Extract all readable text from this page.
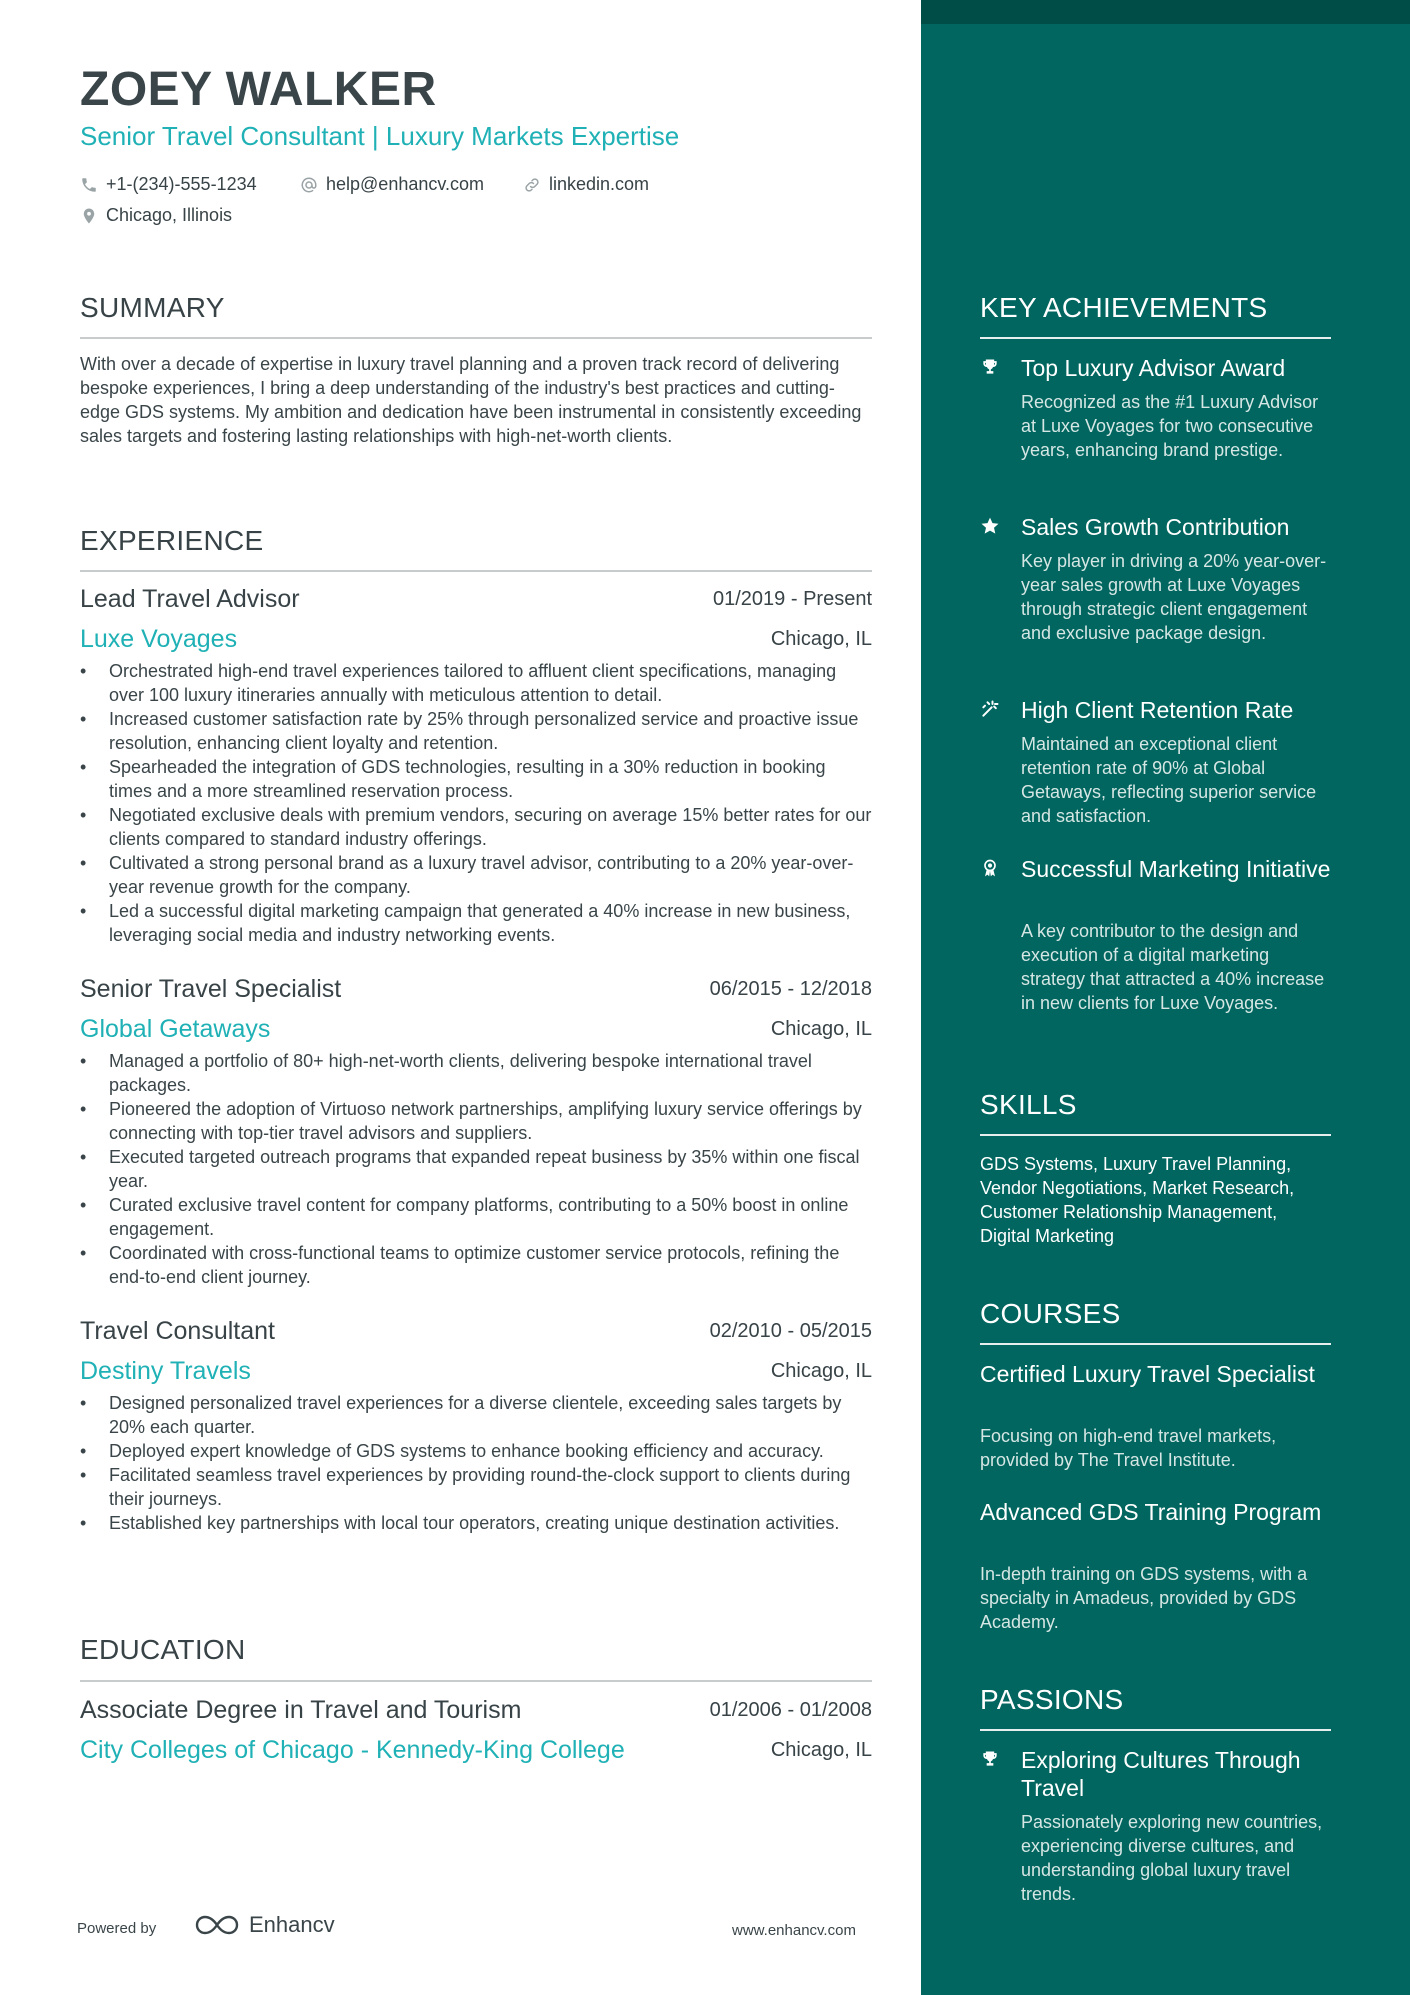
ZOEY WALKER
Senior Travel Consultant | Luxury Markets Expertise
+1-(234)-555-1234	help@enhancv.com	linkedin.com
Chicago, Illinois
SUMMARY

With over a decade of expertise in luxury travel planning and a proven track record of delivering bespoke experiences, I bring a deep understanding of the industry's best practices and cutting-edge GDS systems. My ambition and dedication have been instrumental in consistently exceeding sales targets and fostering lasting relationships with high-net-worth clients.

EXPERIENCE
Lead Travel Advisor	01/2019 - Present
Luxe Voyages	Chicago, IL
• Orchestrated high-end travel experiences tailored to affluent client specifications, managing over 100 luxury itineraries annually with meticulous attention to detail.
• Increased customer satisfaction rate by 25% through personalized service and proactive issue resolution, enhancing client loyalty and retention.
• Spearheaded the integration of GDS technologies, resulting in a 30% reduction in booking times and a more streamlined reservation process.
• Negotiated exclusive deals with premium vendors, securing on average 15% better rates for our clients compared to standard industry offerings.
• Cultivated a strong personal brand as a luxury travel advisor, contributing to a 20% year-over-year revenue growth for the company.
• Led a successful digital marketing campaign that generated a 40% increase in new business, leveraging social media and industry networking events.
Senior Travel Specialist	06/2015 - 12/2018
Global Getaways	Chicago, IL
• Managed a portfolio of 80+ high-net-worth clients, delivering bespoke international travel packages.
• Pioneered the adoption of Virtuoso network partnerships, amplifying luxury service offerings by connecting with top-tier travel advisors and suppliers.
• Executed targeted outreach programs that expanded repeat business by 35% within one fiscal year.
• Curated exclusive travel content for company platforms, contributing to a 50% boost in online engagement.
• Coordinated with cross-functional teams to optimize customer service protocols, refining the end-to-end client journey.
Travel Consultant	02/2010 - 05/2015
Destiny Travels	Chicago, IL
• Designed personalized travel experiences for a diverse clientele, exceeding sales targets by 20% each quarter.
• Deployed expert knowledge of GDS systems to enhance booking efficiency and accuracy.
• Facilitated seamless travel experiences by providing round-the-clock support to clients during their journeys.
• Established key partnerships with local tour operators, creating unique destination activities.
EDUCATION
Associate Degree in Travel and Tourism	01/2006 - 01/2008
City Colleges of Chicago - Kennedy-King College	Chicago, IL
Powered by	Enhancv	www.enhancv.com
KEY ACHIEVEMENTS
Top Luxury Advisor Award

Recognized as the #1 Luxury Advisor at Luxe Voyages for two consecutive years, enhancing brand prestige.

Sales Growth Contribution

Key player in driving a 20% year-over-year sales growth at Luxe Voyages through strategic client engagement and exclusive package design.

High Client Retention Rate

Maintained an exceptional client retention rate of 90% at Global Getaways, reflecting superior service and satisfaction.

Successful Marketing Initiative

A key contributor to the design and execution of a digital marketing strategy that attracted a 40% increase in new clients for Luxe Voyages.

SKILLS

GDS Systems, Luxury Travel Planning, Vendor Negotiations, Market Research, Customer Relationship Management, Digital Marketing

COURSES
Certified Luxury Travel Specialist

Focusing on high-end travel markets, provided by The Travel Institute.

Advanced GDS Training Program

In-depth training on GDS systems, with a specialty in Amadeus, provided by GDS Academy.

PASSIONS
Exploring Cultures Through Travel

Passionately exploring new countries, experiencing diverse cultures, and understanding global luxury travel trends.
